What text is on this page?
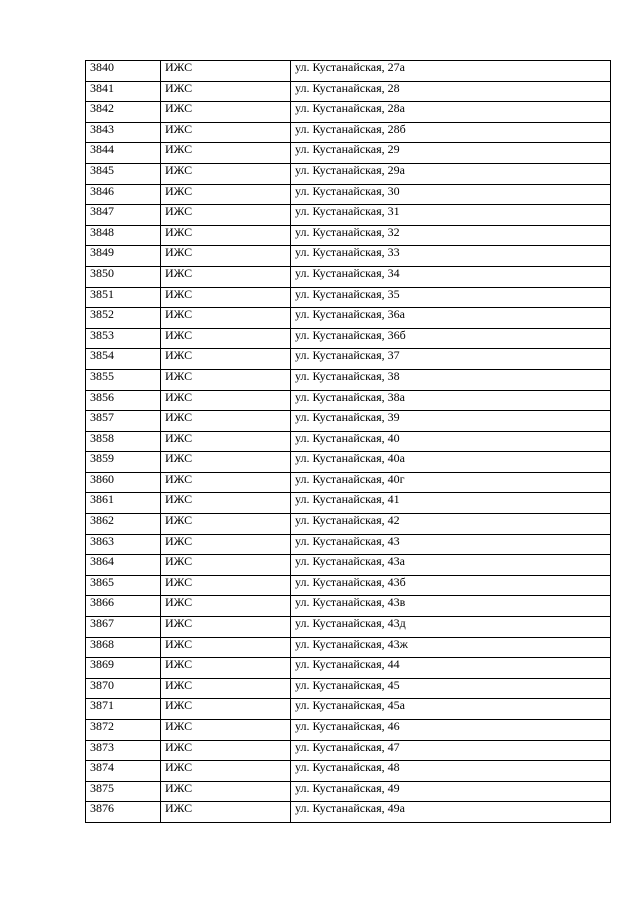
3840	ИЖС	ул. Кустанайская, 27а
3841	ИЖС	ул. Кустанайская, 28
3842	ИЖС	ул. Кустанайская, 28а
3843	ИЖС	ул. Кустанайская, 28б
3844	ИЖС	ул. Кустанайская, 29
3845	ИЖС	ул. Кустанайская, 29а
3846	ИЖС	ул. Кустанайская, 30
3847	ИЖС	ул. Кустанайская, 31
3848	ИЖС	ул. Кустанайская, 32
3849	ИЖС	ул. Кустанайская, 33
3850	ИЖС	ул. Кустанайская, 34
3851	ИЖС	ул. Кустанайская, 35
3852	ИЖС	ул. Кустанайская, 36а
3853	ИЖС	ул. Кустанайская, 36б
3854	ИЖС	ул. Кустанайская, 37
3855	ИЖС	ул. Кустанайская, 38
3856	ИЖС	ул. Кустанайская, 38а
3857	ИЖС	ул. Кустанайская, 39
3858	ИЖС	ул. Кустанайская, 40
3859	ИЖС	ул. Кустанайская, 40а
3860	ИЖС	ул. Кустанайская, 40г
3861	ИЖС	ул. Кустанайская, 41
3862	ИЖС	ул. Кустанайская, 42
3863	ИЖС	ул. Кустанайская, 43
3864	ИЖС	ул. Кустанайская, 43а
3865	ИЖС	ул. Кустанайская, 43б
3866	ИЖС	ул. Кустанайская, 43в
3867	ИЖС	ул. Кустанайская, 43д
3868	ИЖС	ул. Кустанайская, 43ж
3869	ИЖС	ул. Кустанайская, 44
3870	ИЖС	ул. Кустанайская, 45
3871	ИЖС	ул. Кустанайская, 45а
3872	ИЖС	ул. Кустанайская, 46
3873	ИЖС	ул. Кустанайская, 47
3874	ИЖС	ул. Кустанайская, 48
3875	ИЖС	ул. Кустанайская, 49
3876	ИЖС	ул. Кустанайская, 49а
